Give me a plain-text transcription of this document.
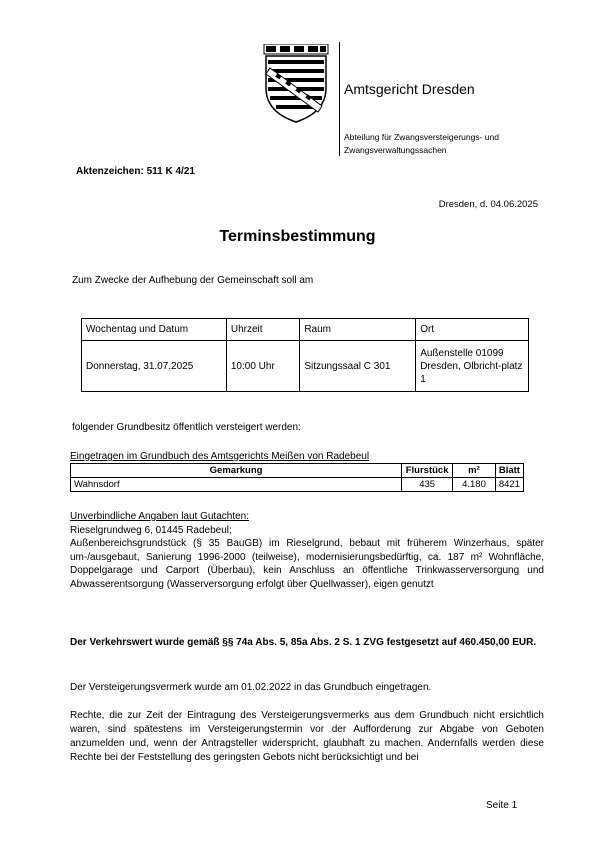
Amtsgericht Dresden
Abteilung für Zwangsversteigerungs- und Zwangsverwaltungssachen
Aktenzeichen: 511 K 4/21
Dresden, d. 04.06.2025
Terminsbestimmung
Zum Zwecke der Aufhebung der Gemeinschaft soll am
Wochentag und Datum	Uhrzeit	Raum	Ort
Donnerstag, 31.07.2025	10:00 Uhr	Sitzungssaal C 301	Außenstelle 01099 Dresden, Olbricht-platz 1
folgender Grundbesitz öffentlich versteigert werden:
Eingetragen im Grundbuch des Amtsgerichts Meißen von Radebeul
Gemarkung	Flurstück	m²	Blatt
Wahnsdorf	435	4.180	8421
Unverbindliche Angaben laut Gutachten:

Rieselgrundweg 6, 01445 Radebeul;

Außenbereichsgrundstück (§ 35 BauGB) im Rieselgrund, bebaut mit früherem Winzerhaus, später um-/ausgebaut, Sanierung 1996-2000 (teilweise), modernisierungsbedürftig, ca. 187 m² Wohnfläche, Doppelgarage und Carport (Überbau), kein Anschluss an öffentliche Trinkwasserversorgung und Abwasserentsorgung (Wasserversorgung erfolgt über Quellwasser), eigen genutzt

Der Verkehrswert wurde gemäß §§ 74a Abs. 5, 85a Abs. 2 S. 1 ZVG festgesetzt auf 460.450,00 EUR.
Der Versteigerungsvermerk wurde am 01.02.2022 in das Grundbuch eingetragen.
Rechte, die zur Zeit der Eintragung des Versteigerungsvermerks aus dem Grundbuch nicht ersichtlich waren, sind spätestens im Versteigerungstermin vor der Aufforderung zur Abgabe von Geboten anzumelden und, wenn der Antragsteller widerspricht, glaubhaft zu machen. Andernfalls werden diese Rechte bei der Feststellung des geringsten Gebots nicht berücksichtigt und bei
Seite 1
